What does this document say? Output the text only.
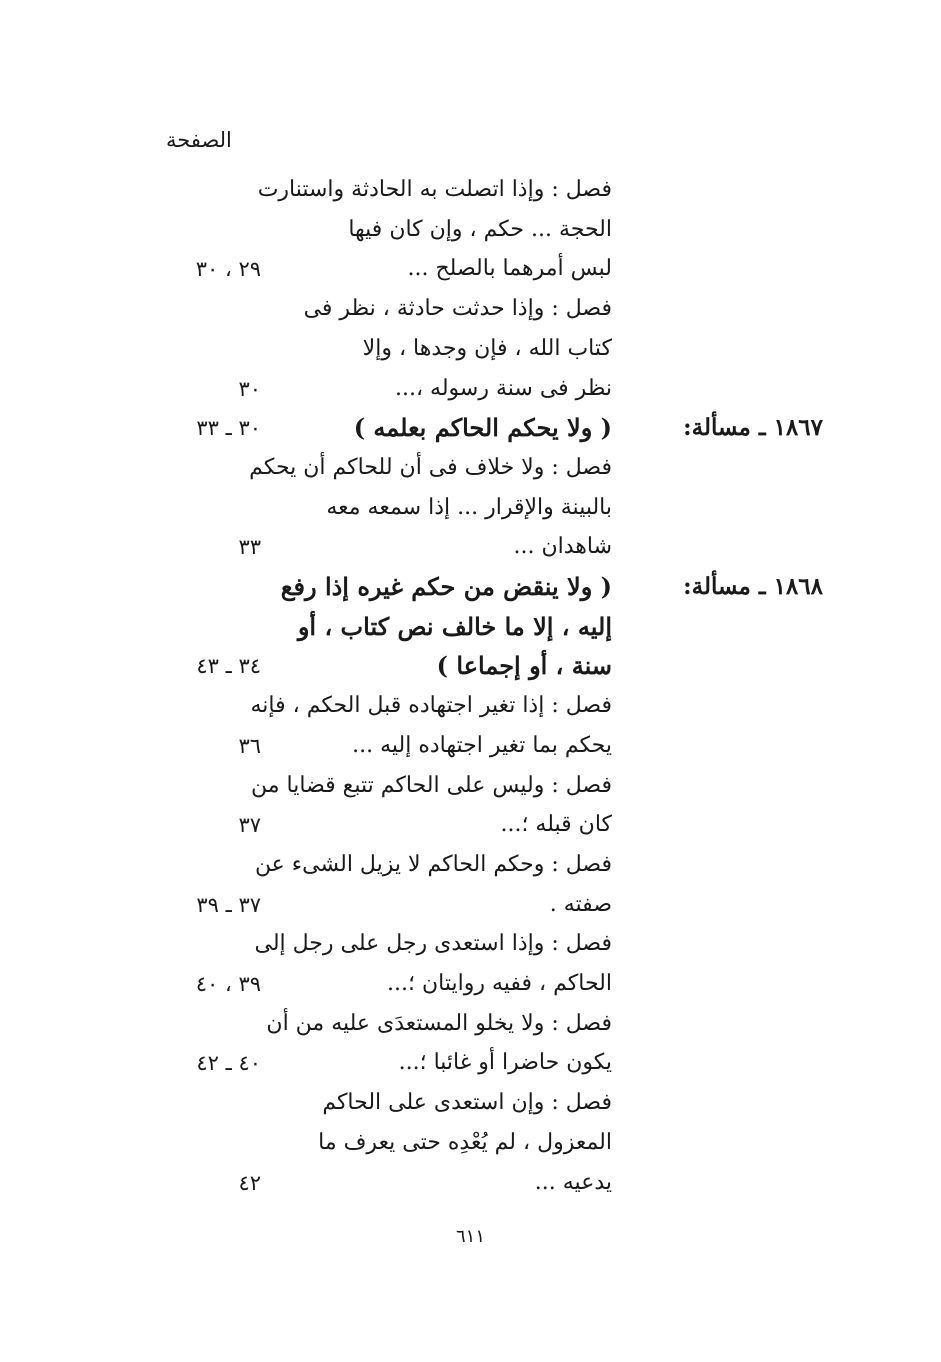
الصفحة
فصل : وإذا اتصلت به الحادثة واستنارت
الحجة ... حكم ، وإن كان فيها
لبس أمرهما بالصلح ...
٢٩ ، ٣٠
فصل : وإذا حدثت حادثة ، نظر فى
كتاب الله ، فإن وجدها ، وإلا
نظر فى سنة رسوله ،...
٣٠
١٨٦٧ ـ مسألة:
( ولا يحكم الحاكم بعلمه )
٣٠ ـ ٣٣
فصل : ولا خلاف فى أن للحاكم أن يحكم
بالبينة والإقرار ... إذا سمعه معه
شاهدان ...
٣٣
١٨٦٨ ـ مسألة:
( ولا ينقض من حكم غيره إذا رفع
إليه ، إلا ما خالف نص كتاب ، أو
سنة ، أو إجماعا )
٣٤ ـ ٤٣
فصل : إذا تغير اجتهاده قبل الحكم ، فإنه
يحكم بما تغير اجتهاده إليه ...
٣٦
فصل : وليس على الحاكم تتبع قضايا من
كان قبله ؛...
٣٧
فصل : وحكم الحاكم لا يزيل الشىء عن
صفته .
٣٧ ـ ٣٩
فصل : وإذا استعدى رجل على رجل إلى
الحاكم ، ففيه روايتان ؛...
٣٩ ، ٤٠
فصل : ولا يخلو المستعدَى عليه من أن
يكون حاضرا أو غائبا ؛...
٤٠ ـ ٤٢
فصل : وإن استعدى على الحاكم
المعزول ، لم يُعْدِه حتى يعرف ما
يدعيه ...
٤٢
٦١١
